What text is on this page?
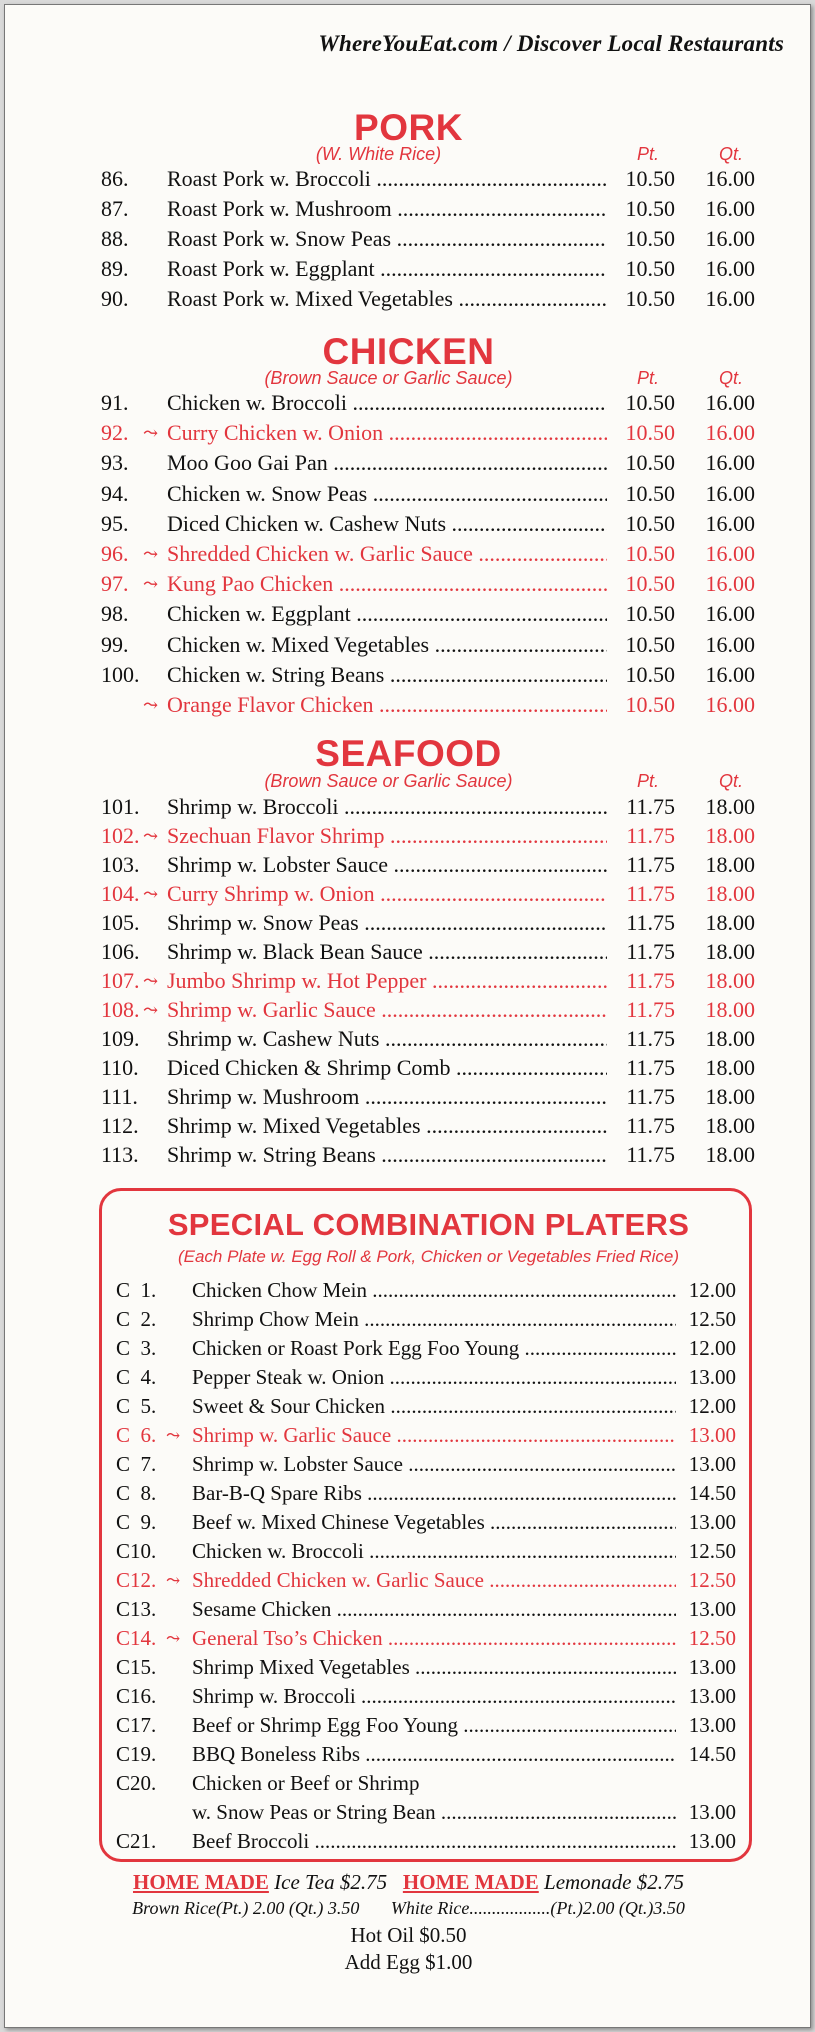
WhereYouEat.com / Discover Local Restaurants
PORK
(W. White Rice)	Pt.	Qt.
86.	Roast Pork w. Broccoli .....	10.50	16.00
87.	Roast Pork w. Mushroom .....	10.50	16.00
88.	Roast Pork w. Snow Peas .....	10.50	16.00
89.	Roast Pork w. Eggplant .....	10.50	16.00
90.	Roast Pork w. Mixed Vegetables .....	10.50	16.00
CHICKEN
(Brown Sauce or Garlic Sauce)	Pt.	Qt.
91.	Chicken w. Broccoli .....	10.50	16.00
92. ⤳ Curry Chicken w. Onion .....	10.50	16.00
93.	Moo Goo Gai Pan .....	10.50	16.00
94.	Chicken w. Snow Peas .....	10.50	16.00
95.	Diced Chicken w. Cashew Nuts .....	10.50	16.00
96. ⤳ Shredded Chicken w. Garlic Sauce .....	10.50	16.00
97. ⤳ Kung Pao Chicken .....	10.50	16.00
98.	Chicken w. Eggplant .....	10.50	16.00
99.	Chicken w. Mixed Vegetables .....	10.50	16.00
100.	Chicken w. String Beans .....	10.50	16.00
⤳ Orange Flavor Chicken .....	10.50	16.00
SEAFOOD
(Brown Sauce or Garlic Sauce)	Pt.	Qt.
101.	Shrimp w. Broccoli .....	11.75	18.00
102. ⤳ Szechuan Flavor Shrimp .....	11.75	18.00
103.	Shrimp w. Lobster Sauce .....	11.75	18.00
104. ⤳ Curry Shrimp w. Onion .....	11.75	18.00
105.	Shrimp w. Snow Peas .....	11.75	18.00
106.	Shrimp w. Black Bean Sauce .....	11.75	18.00
107. ⤳ Jumbo Shrimp w. Hot Pepper .....	11.75	18.00
108. ⤳ Shrimp w. Garlic Sauce .....	11.75	18.00
109.	Shrimp w. Cashew Nuts .....	11.75	18.00
110.	Diced Chicken & Shrimp Comb .....	11.75	18.00
111.	Shrimp w. Mushroom .....	11.75	18.00
112.	Shrimp w. Mixed Vegetables .....	11.75	18.00
113.	Shrimp w. String Beans .....	11.75	18.00
SPECIAL COMBINATION PLATERS
(Each Plate w. Egg Roll & Pork, Chicken or Vegetables Fried Rice)
C  1.	Chicken Chow Mein .....	12.00
C  2.	Shrimp Chow Mein .....	12.50
C  3.	Chicken or Roast Pork Egg Foo Young .....	12.00
C  4.	Pepper Steak w. Onion .....	13.00
C  5.	Sweet & Sour Chicken .....	12.00
C  6. ⤳ Shrimp w. Garlic Sauce .....	13.00
C  7.	Shrimp w. Lobster Sauce .....	13.00
C  8.	Bar-B-Q Spare Ribs .....	14.50
C  9.	Beef w. Mixed Chinese Vegetables .....	13.00
C10.	Chicken w. Broccoli .....	12.50
C12. ⤳ Shredded Chicken w. Garlic Sauce .....	12.50
C13.	Sesame Chicken .....	13.00
C14. ⤳ General Tso’s Chicken .....	12.50
C15.	Shrimp Mixed Vegetables .....	13.00
C16.	Shrimp w. Broccoli .....	13.00
C17.	Beef or Shrimp Egg Foo Young .....	13.00
C19.	BBQ Boneless Ribs .....	14.50
C20.	Chicken or Beef or Shrimp
w. Snow Peas or String Bean .....	13.00
C21.	Beef Broccoli .....	13.00
HOME MADE Ice Tea $2.75 HOME MADE Lemonade $2.75
Brown Rice(Pt.) 2.00 (Qt.) 3.50 White Rice..................(Pt.)2.00 (Qt.)3.50
Hot Oil $0.50
Add Egg $1.00
